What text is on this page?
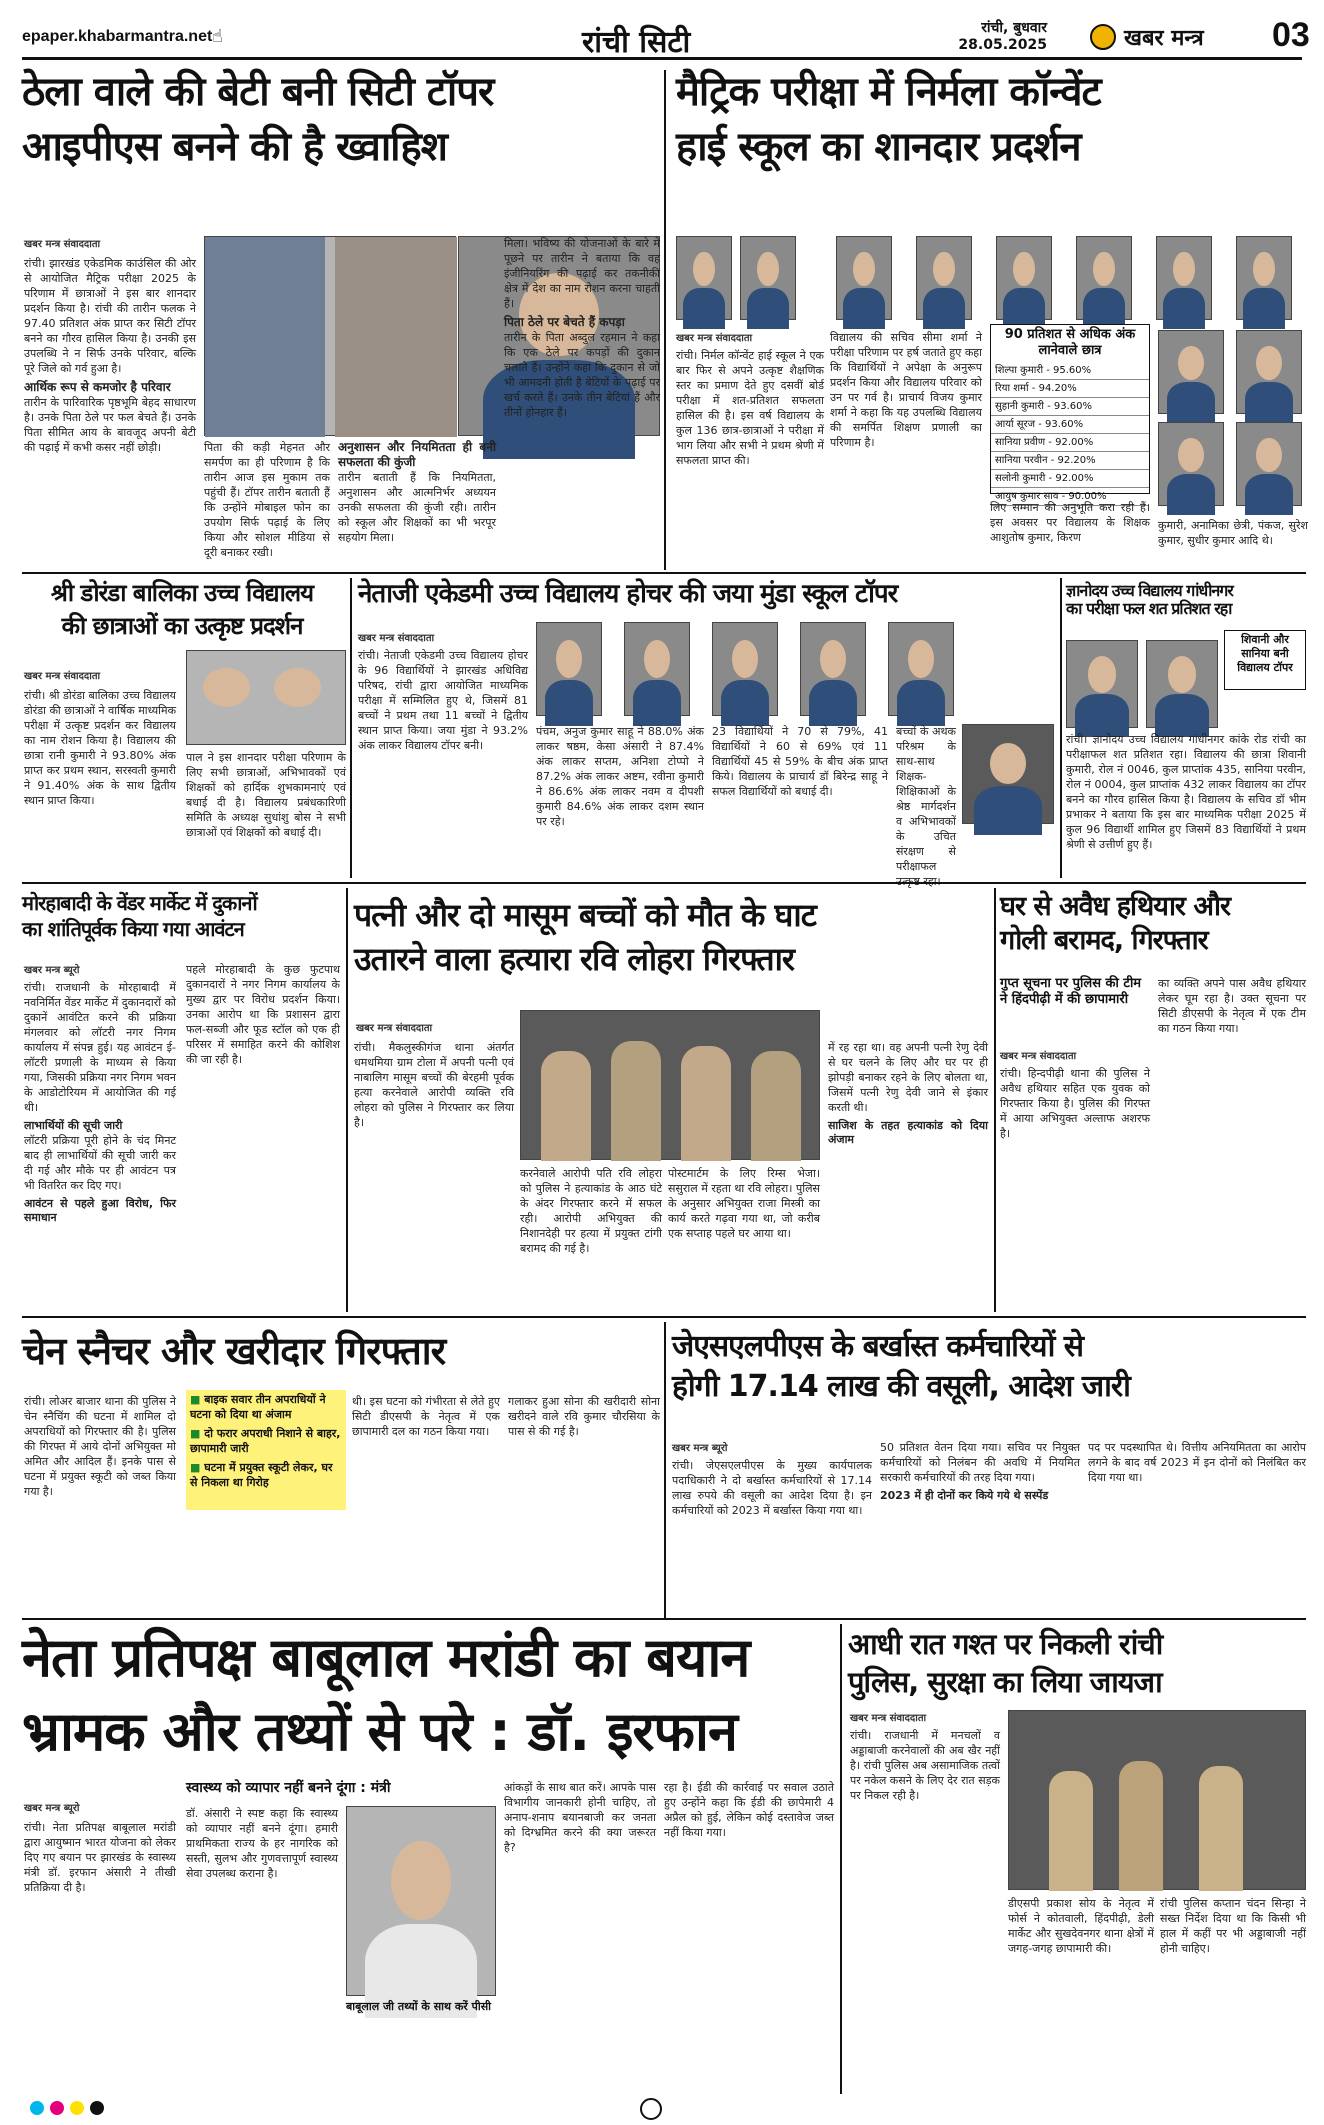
epaper.khabarmantra.net ☝	रांची सिटी	रांची, बुधवार
28.05.2025	खबर मन्त्र 03
ठेला वाले की बेटी बनी सिटी टॉपर
आइपीएस बनने की है ख्वाहिश
खबर मन्त्र संवाददाता
रांची। झारखंड एकेडमिक काउंसिल की ओर से आयोजित मैट्रिक परीक्षा 2025 के परिणाम में छात्राओं ने इस बार शानदार प्रदर्शन किया है। रांची की तारीन फलक ने 97.40 प्रतिशत अंक प्राप्त कर सिटी टॉपर बनने का गौरव हासिल किया है। उनकी इस उपलब्धि ने न सिर्फ उनके परिवार, बल्कि पूरे जिले को गर्व हुआ है।
आर्थिक रूप से कमजोर है परिवार
तारीन के पारिवारिक पृष्ठभूमि बेहद साधारण है। उनके पिता ठेले पर फल बेचते हैं। उनके पिता सीमित आय के बावजूद अपनी बेटी की पढ़ाई में कभी कसर नहीं छोड़ी।	पिता की कड़ी मेहनत और समर्पण का ही परिणाम है कि तारीन आज इस मुकाम तक पहुंची हैं। टॉपर तारीन बताती हैं कि उन्होंने मोबाइल फोन का उपयोग सिर्फ पढ़ाई के लिए किया और सोशल मीडिया से दूरी बनाकर रखी।
अनुशासन और नियमितता ही बनी सफलता की कुंजी
तारीन बताती हैं कि नियमितता, अनुशासन और आत्मनिर्भर अध्ययन उनकी सफलता की कुंजी रही। तारीन को स्कूल और शिक्षकों का भी भरपूर सहयोग मिला।
मिला। भविष्य की योजनाओं के बारे में पूछने पर तारीन ने बताया कि वह इंजीनियरिंग की पढ़ाई कर तकनीकी क्षेत्र में देश का नाम रोशन करना चाहती हैं।
पिता ठेले पर बेचते हैं कपड़ा
तारीन के पिता अब्दुल रहमान ने कहा कि एक ठेले पर कपड़ों की दुकान चलाते हैं। उन्होंने कहा कि दुकान से जो भी आमदनी होती है बेटियों के पढ़ाई पर खर्च करते हैं। उनके तीन बेटियां हैं और तीनों होनहार हैं।
मैट्रिक परीक्षा में निर्मला कॉन्वेंट
हाई स्कूल का शानदार प्रदर्शन
खबर मन्त्र संवाददाता
रांची। निर्मल कॉन्वेंट हाई स्कूल ने एक बार फिर से अपने उत्कृष्ट शैक्षणिक स्तर का प्रमाण देते हुए दसवीं बोर्ड परीक्षा में शत-प्रतिशत सफलता हासिल की है। इस वर्ष विद्यालय के कुल 136 छात्र-छात्राओं ने परीक्षा में भाग लिया और सभी ने प्रथम श्रेणी में सफलता प्राप्त की।
विद्यालय की सचिव सीमा शर्मा ने परीक्षा परिणाम पर हर्ष जताते हुए कहा कि विद्यार्थियों ने अपेक्षा के अनुरूप प्रदर्शन किया और विद्यालय परिवार को उन पर गर्व है। प्राचार्य विजय कुमार शर्मा ने कहा कि यह उपलब्धि विद्यालय की समर्पित शिक्षण प्रणाली का परिणाम है।
90 प्रतिशत से अधिक अंक लानेवाले छात्र
शिल्पा कुमारी - 95.60%
रिया शर्मा - 94.20%
सुहानी कुमारी - 93.60%
आर्या सूरज - 93.60%
सानिया प्रवीण - 92.00%
सानिया परवीन - 92.20%
सलोनी कुमारी - 92.00%
आयुष कुमार साव - 90.00%
लिए सम्मान की अनुभूति करा रही हैं। इस अवसर पर विद्यालय के शिक्षक आशुतोष कुमार, किरण
कुमारी, अनामिका छेत्री, पंकज, सुरेश कुमार, सुधीर कुमार आदि थे।
श्री डोरंडा बालिका उच्च विद्यालय
की छात्राओं का उत्कृष्ट प्रदर्शन
खबर मन्त्र संवाददाता
रांची। श्री डोरंडा बालिका उच्च विद्यालय डोरंडा की छात्राओं ने वार्षिक माध्यमिक परीक्षा में उत्कृष्ट प्रदर्शन कर विद्यालय का नाम रोशन किया है। विद्यालय की छात्रा रानी कुमारी ने 93.80% अंक प्राप्त कर प्रथम स्थान, सरस्वती कुमारी ने 91.40% अंक के साथ द्वितीय स्थान प्राप्त किया।
पाल ने इस शानदार परीक्षा परिणाम के लिए सभी छात्राओं, अभिभावकों एवं शिक्षकों को हार्दिक शुभकामनाएं एवं बधाई दी है। विद्यालय प्रबंधकारिणी समिति के अध्यक्ष सुधांशु बोस ने सभी छात्राओं एवं शिक्षकों को बधाई दी।
नेताजी एकेडमी उच्च विद्यालय होचर की जया मुंडा स्कूल टॉपर
खबर मन्त्र संवाददाता
रांची। नेताजी एकेडमी उच्च विद्यालय होचर के 96 विद्यार्थियों ने झारखंड अधिविद्य परिषद, रांची द्वारा आयोजित माध्यमिक परीक्षा में सम्मिलित हुए थे, जिसमें 81 बच्चों ने प्रथम तथा 11 बच्चों ने द्वितीय स्थान प्राप्त किया। जया मुंडा ने 93.2% अंक लाकर विद्यालय टॉपर बनी।
पंचम, अनुज कुमार साहू ने 88.0% अंक लाकर षष्ठम, केसा अंसारी ने 87.4% अंक लाकर सप्तम, अनिशा टोप्पो ने 87.2% अंक लाकर अष्टम, रवीना कुमारी ने 86.6% अंक लाकर नवम व दीपशी कुमारी 84.6% अंक लाकर दशम स्थान पर रहे।
23 विद्यार्थियों ने 70 से 79%, 41 विद्यार्थियों ने 60 से 69% एवं 11 विद्यार्थियों 45 से 59% के बीच अंक प्राप्त किये। विद्यालय के प्राचार्य डॉ बिरेन्द्र साहू ने सफल विद्यार्थियों को बधाई दी।
बच्चों के अथक परिश्रम के साथ-साथ शिक्षक-शिक्षिकाओं के श्रेष्ठ मार्गदर्शन व अभिभावकों के उचित संरक्षण से परीक्षाफल
ज्ञानोदय उच्च विद्यालय गांधीनगर
का परीक्षा फल शत प्रतिशत रहा
शिवानी और सानिया बनी विद्यालय टॉपर
रांची। ज्ञानोदय उच्च विद्यालय गांधीनगर कांके रोड रांची का परीक्षाफल शत प्रतिशत रहा। विद्यालय की छात्रा शिवानी कुमारी, रोल नं 0046, कुल प्राप्तांक 435, सानिया परवीन, रोल नं 0004, कुल प्राप्तांक 432 लाकर विद्यालय का टॉपर बनने का गौरव हासिल किया है। विद्यालय के सचिव डॉ भीम प्रभाकर ने बताया कि इस बार माध्यमिक परीक्षा 2025 में कुल 96 विद्यार्थी शामिल हुए जिसमें 83 विद्यार्थियों ने प्रथम श्रेणी से उत्तीर्ण हुए हैं।
मोरहाबादी के वेंडर मार्केट में दुकानों
का शांतिपूर्वक किया गया आवंटन
खबर मन्त्र ब्यूरो
रांची। राजधानी के मोरहाबादी में नवनिर्मित वेंडर मार्केट में दुकानदारों को दुकानें आवंटित करने की प्रक्रिया मंगलवार को लॉटरी नगर निगम कार्यालय में संपन्न हुई। यह आवंटन ई-लॉटरी प्रणाली के माध्यम से किया गया, जिसकी प्रक्रिया नगर निगम भवन के आडोटोरियम में आयोजित की गई थी।
लाभार्थियों की सूची जारी
लॉटरी प्रक्रिया पूरी होने के चंद मिनट बाद ही लाभार्थियों की सूची जारी कर दी गई और मौके पर ही आवंटन पत्र भी वितरित कर दिए गए।
आवंटन से पहले हुआ विरोध, फिर समाधान
पहले मोरहाबादी के कुछ फुटपाथ दुकानदारों ने नगर निगम कार्यालय के मुख्य द्वार पर विरोध प्रदर्शन किया। उनका आरोप था कि प्रशासन द्वारा फल-सब्जी और फूड स्टॉल को एक ही परिसर में समाहित करने की कोशिश की जा रही है।
पत्नी और दो मासूम बच्चों को मौत के घाट
उतारने वाला हत्यारा रवि लोहरा गिरफ्तार
खबर मन्त्र संवाददाता
रांची। मैकलुस्कीगंज थाना अंतर्गत धमधमिया ग्राम टोला में अपनी पत्नी एवं नाबालिग मासूम बच्चों की बेरहमी पूर्वक हत्या करनेवाले आरोपी व्यक्ति रवि लोहरा को पुलिस ने गिरफ्तार कर लिया है।
करनेवाले आरोपी पति रवि लोहरा को पुलिस ने हत्याकांड के आठ घंटे के अंदर गिरफ्तार करने में सफल रही। आरोपी अभियुक्त की निशानदेही पर हत्या में प्रयुक्त टांगी बरामद की गई है।
पोस्टमार्टम के लिए रिम्स भेजा। ससुराल में रहता था रवि लोहरा। पुलिस के अनुसार अभियुक्त राजा मिस्त्री का कार्य करते गढ़वा गया था, जो करीब एक सप्ताह पहले घर आया था।
में रह रहा था। वह अपनी पत्नी रेणु देवी से घर चलने के लिए और घर पर ही झोपड़ी बनाकर रहने के लिए बोलता था, जिसमें पत्नी रेणु देवी जाने से इंकार करती थी।
साजिश के तहत हत्याकांड को दिया अंजाम
घर से अवैध हथियार और
गोली बरामद, गिरफ्तार
गुप्त सूचना पर पुलिस की टीम ने हिंदपीढ़ी में की छापामारी
खबर मन्त्र संवाददाता
रांची। हिन्दपीढ़ी थाना की पुलिस ने अवैध हथियार सहित एक युवक को गिरफ्तार किया है। पुलिस की गिरफ्त में आया अभियुक्त अल्ताफ अशरफ है।
का व्यक्ति अपने पास अवैध हथियार लेकर घूम रहा है। उक्त सूचना पर सिटी डीएसपी के नेतृत्व में एक टीम का गठन किया गया।
चेन स्नैचर और खरीदार गिरफ्तार
रांची। लोअर बाजार थाना की पुलिस ने चेन स्नैचिंग की घटना में शामिल दो अपराधियों को गिरफ्तार की है। पुलिस की गिरफ्त में आये दोनों अभियुक्त मो अमित और आदिल हैं। इनके पास से घटना में प्रयुक्त स्कूटी को जब्त किया गया है।
■ बाइक सवार तीन अपराधियों ने घटना को दिया था अंजाम
■ दो फरार अपराधी निशाने से बाहर, छापामारी जारी
■ घटना में प्रयुक्त स्कूटी लेकर, घर से निकला था गिरोह
थी। इस घटना को गंभीरता से लेते हुए सिटी डीएसपी के नेतृत्व में एक छापामारी दल का गठन किया गया।
गलाकर हुआ सोना की खरीदारी सोना खरीदने वाले रवि कुमार चौरसिया के पास से की गई है।
जेएसएलपीएस के बर्खास्त कर्मचारियों से
होगी 17.14 लाख की वसूली, आदेश जारी
खबर मन्त्र ब्यूरो
रांची। जेएसएलपीएस के मुख्य कार्यपालक पदाधिकारी ने दो बर्खास्त कर्मचारियों से 17.14 लाख रुपये की वसूली का आदेश दिया है। इन कर्मचारियों को 2023 में बर्खास्त किया गया था।
50 प्रतिशत वेतन दिया गया। सचिव पर नियुक्त कर्मचारियों को निलंबन की अवधि में नियमित सरकारी कर्मचारियों की तरह दिया गया।
2023 में ही दोनों कर किये गये थे सस्पेंड
पद पर पदस्थापित थे। वित्तीय अनियमितता का आरोप लगने के बाद वर्ष 2023 में इन दोनों को निलंबित कर दिया गया था।
नेता प्रतिपक्ष बाबूलाल मरांडी का बयान
भ्रामक और तथ्यों से परे : डॉ. इरफान
खबर मन्त्र ब्यूरो
स्वास्थ्य को व्यापार नहीं बनने दूंगा : मंत्री
रांची। नेता प्रतिपक्ष बाबूलाल मरांडी द्वारा आयुष्मान भारत योजना को लेकर दिए गए बयान पर झारखंड के स्वास्थ्य मंत्री डॉ. इरफान अंसारी ने तीखी प्रतिक्रिया दी है।
डॉ. अंसारी ने स्पष्ट कहा कि स्वास्थ्य को व्यापार नहीं बनने दूंगा। हमारी प्राथमिकता राज्य के हर नागरिक को सस्ती, सुलभ और गुणवत्तापूर्ण स्वास्थ्य सेवा उपलब्ध कराना है।
बाबूलाल जी तथ्यों के साथ करें पीसी
आंकड़ों के साथ बात करें। आपके पास विभागीय जानकारी होनी चाहिए, तो अनाप-शनाप बयानबाजी कर जनता को दिग्भ्रमित करने की क्या जरूरत है?
रहा है। ईडी की कार्रवाई पर सवाल उठाते हुए उन्होंने कहा कि ईडी की छापेमारी 4 अप्रैल को हुई, लेकिन कोई दस्तावेज जब्त नहीं किया गया।
आधी रात गश्त पर निकली रांची
पुलिस, सुरक्षा का लिया जायजा
खबर मन्त्र संवाददाता
रांची। राजधानी में मनचलों व अड्डाबाजी करनेवालों की अब खैर नहीं है। रांची पुलिस अब असामाजिक तत्वों पर नकेल कसने के लिए देर रात सड़क पर निकल रही है।
डीएसपी प्रकाश सोय के नेतृत्व में फोर्स ने कोतवाली, हिंदपीढ़ी, डेली मार्केट और सुखदेवनगर थाना क्षेत्रों में जगह-जगह छापामारी की।
रांची पुलिस कप्तान चंदन सिन्हा ने सख्त निर्देश दिया था कि किसी भी हाल में कहीं पर भी अड्डाबाजी नहीं होनी चाहिए।
